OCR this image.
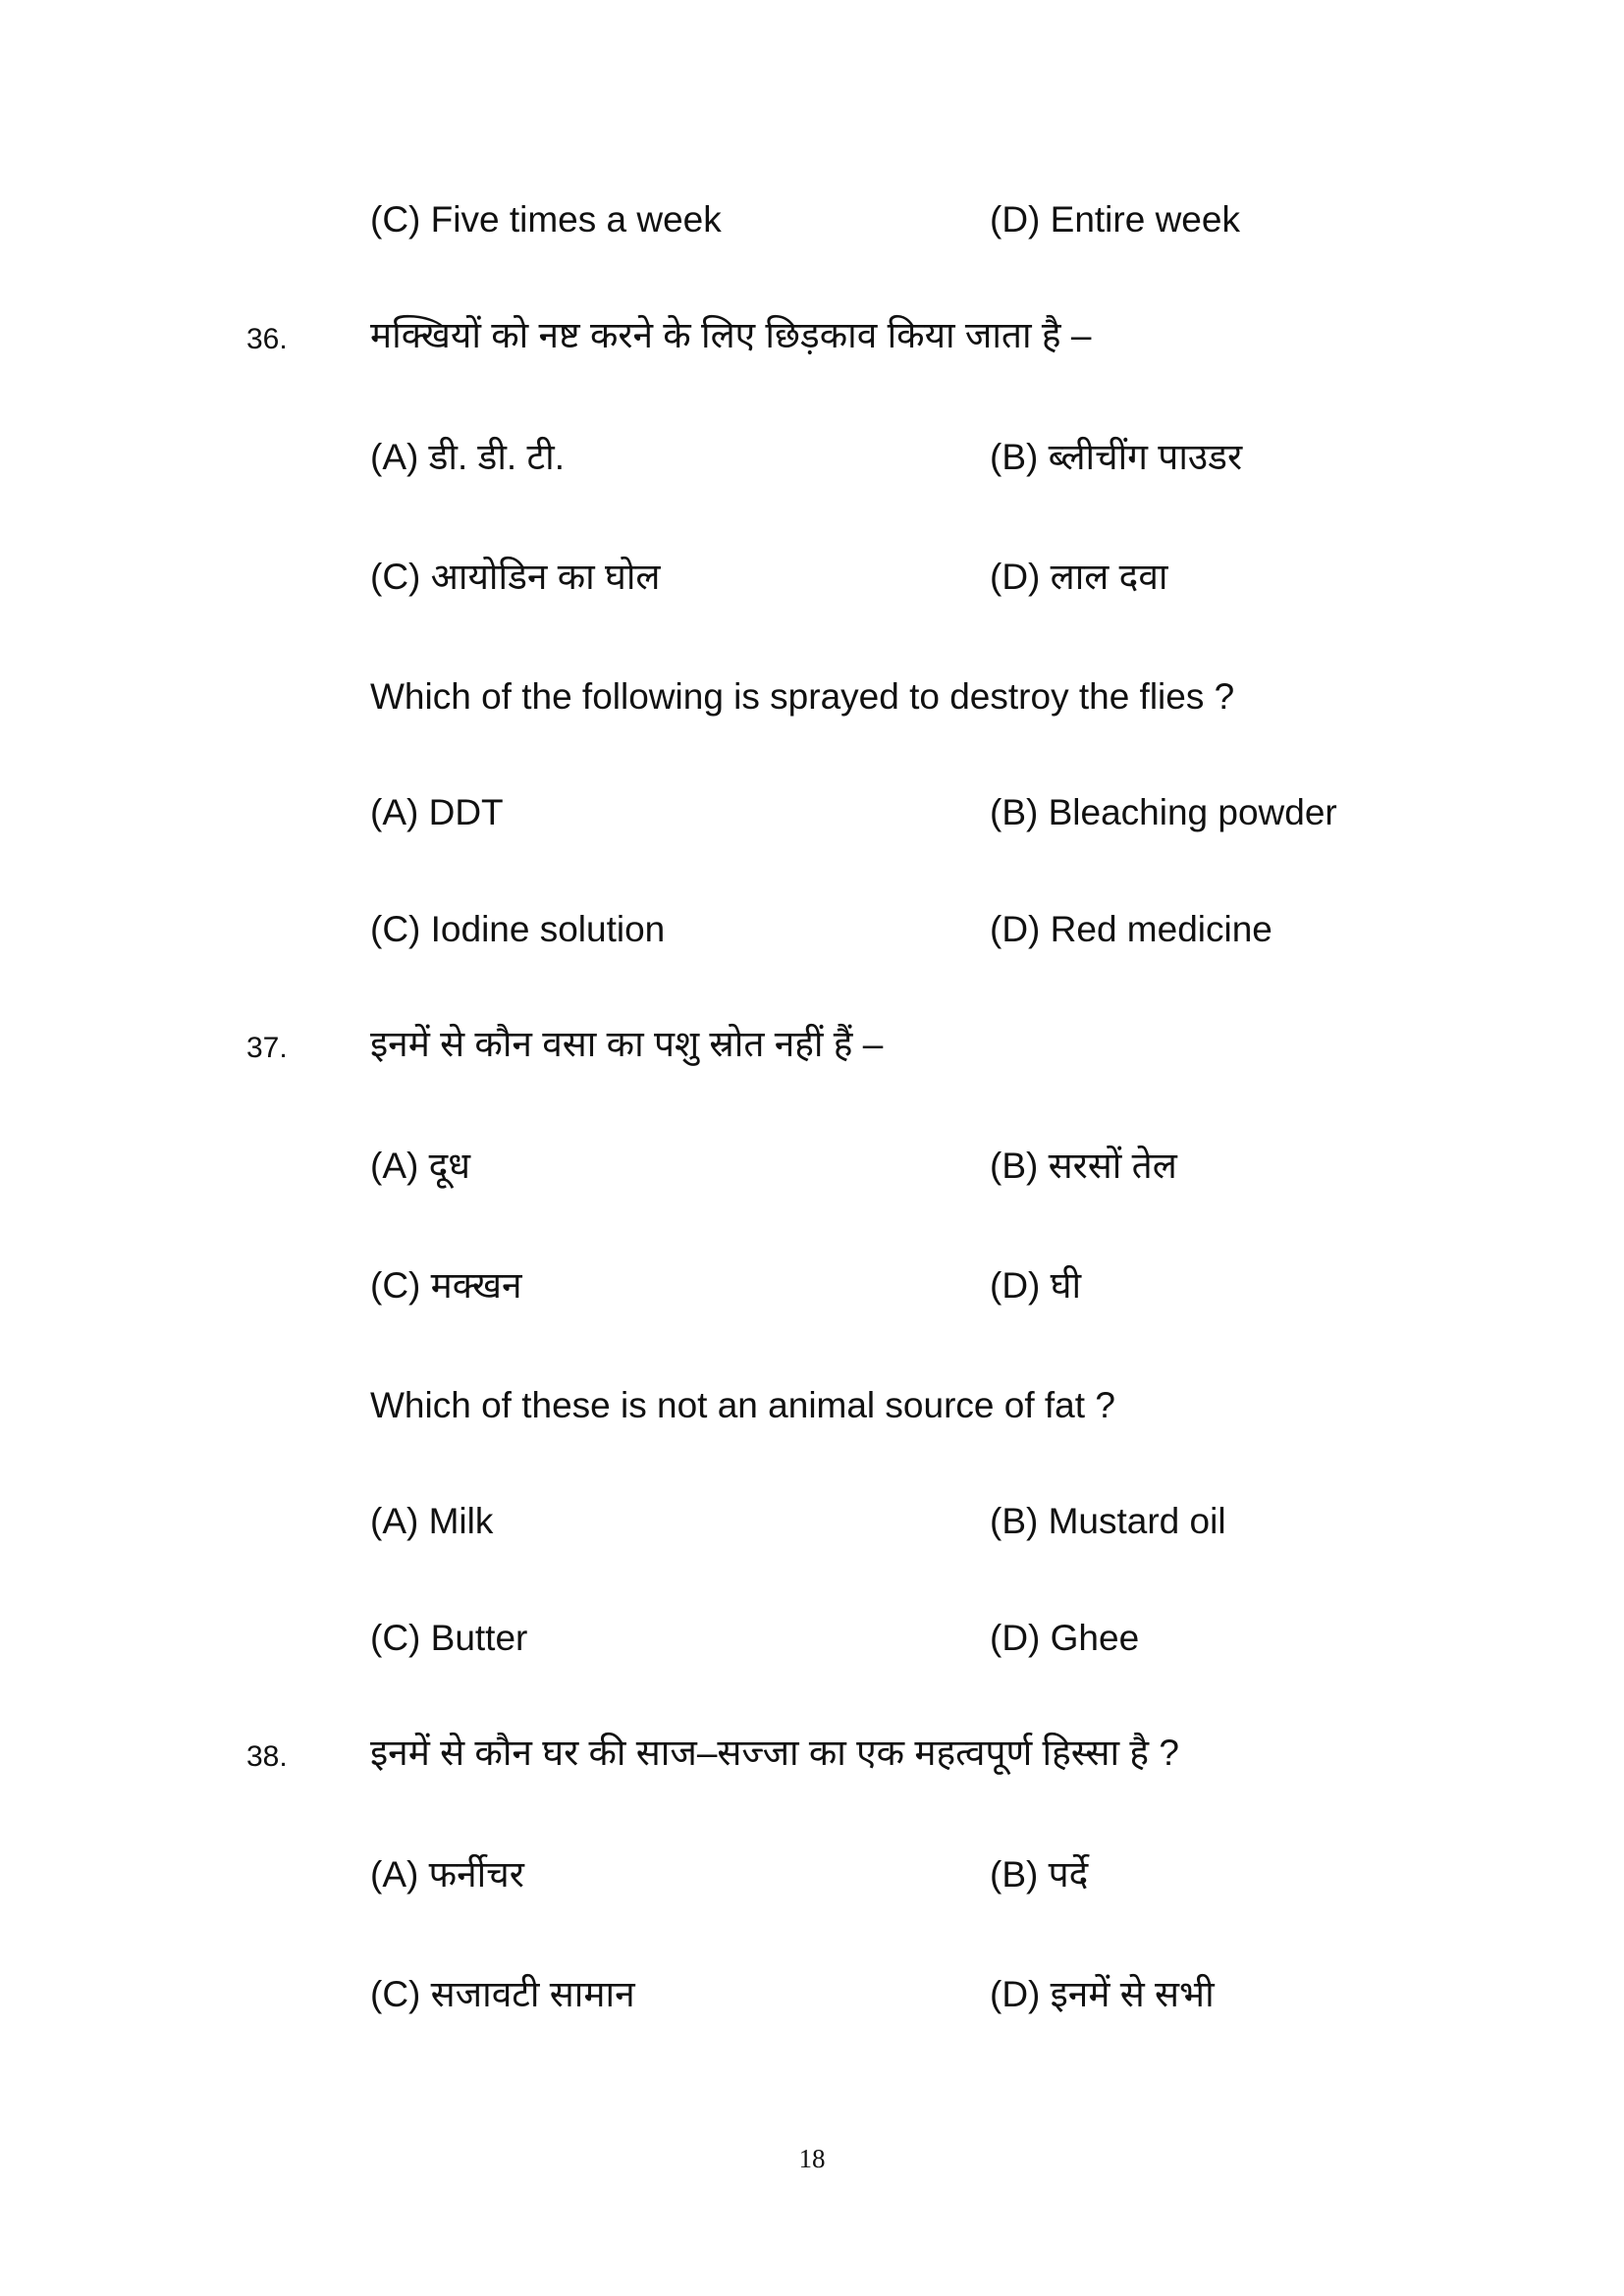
(C) Five times a week	(D) Entire week
36. मक्खियों को नष्ट करने के लिए छिड़काव किया जाता है –
(A) डी. डी. टी.	(B) ब्लीचींग पाउडर
(C) आयोडिन का घोल	(D) लाल दवा
Which of the following is sprayed to destroy the flies ?
(A) DDT	(B) Bleaching powder
(C) Iodine solution	(D) Red medicine
37. इनमें से कौन वसा का पशु स्रोत नहीं हैं –
(A) दूध	(B) सरसों तेल
(C) मक्खन	(D) घी
Which of these is not an animal source of fat ?
(A) Milk	(B) Mustard oil
(C) Butter	(D) Ghee
38. इनमें से कौन घर की साज–सज्जा का एक महत्वपूर्ण हिस्सा है ?
(A) फर्नीचर	(B) पर्दे
(C) सजावटी सामान	(D) इनमें से सभी
18
